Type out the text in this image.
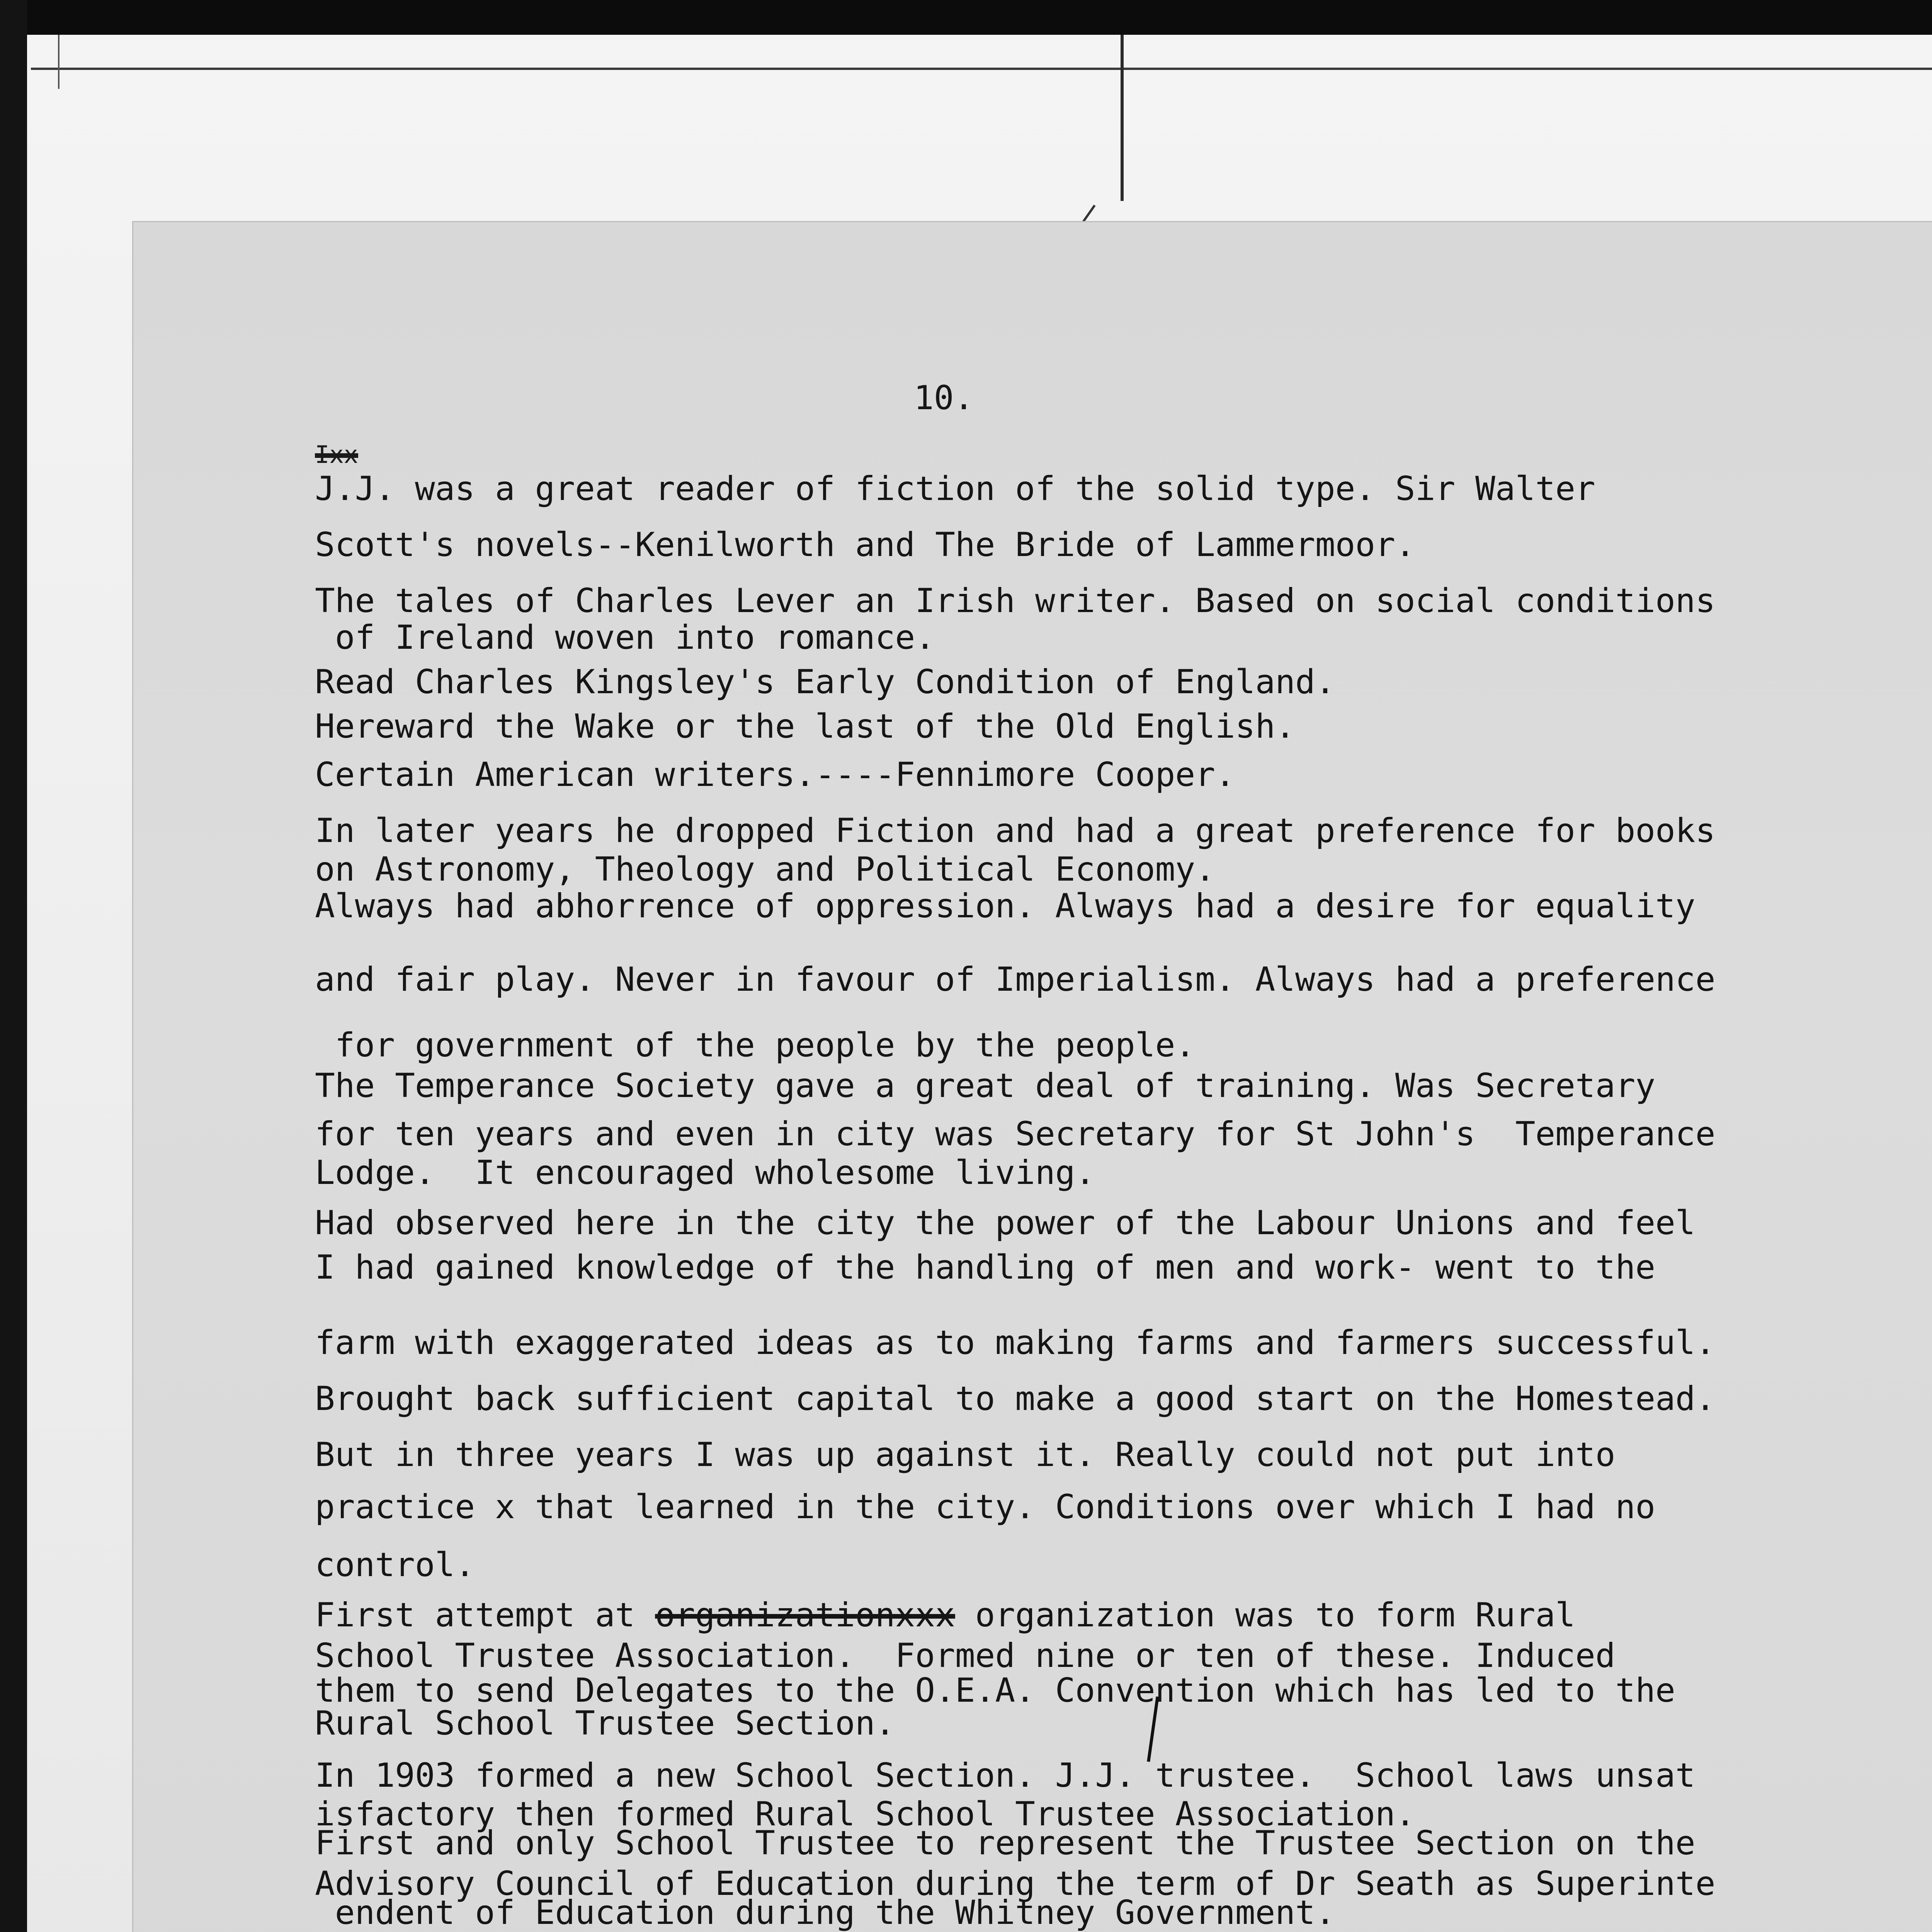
10.
Ixx
J.J. was a great reader of fiction of the solid type. Sir Walter
Scott's novels--Kenilworth and The Bride of Lammermoor.
The tales of Charles Lever an Irish writer. Based on social conditions
of Ireland woven into romance.
Read Charles Kingsley's Early Condition of England.
Hereward the Wake or the last of the Old English.
Certain American writers.----Fennimore Cooper.
In later years he dropped Fiction and had a great preference for books
on Astronomy, Theology and Political Economy.
Always had abhorrence of oppression. Always had a desire for equality
and fair play. Never in favour of Imperialism. Always had a preference
for government of the people by the people.
The Temperance Society gave a great deal of training. Was Secretary
for ten years and even in city was Secretary for St John's  Temperance
Lodge.  It encouraged wholesome living.
Had observed here in the city the power of the Labour Unions and feel
I had gained knowledge of the handling of men and work- went to the
farm with exaggerated ideas as to making farms and farmers successful.
Brought back sufficient capital to make a good start on the Homestead.
But in three years I was up against it. Really could not put into
practice x that learned in the city. Conditions over which I had no
control.
First attempt at organizationxxx organization was to form Rural
School Trustee Association.  Formed nine or ten of these. Induced
them to send Delegates to the O.E.A. Convention which has led to the
Rural School Trustee Section.
In 1903 formed a new School Section. J.J. trustee.  School laws unsat
isfactory then formed Rural School Trustee Association.
First and only School Trustee to represent the Trustee Section on the
Advisory Council of Education during the term of Dr Seath as Superinte
endent of Education during the Whitney Government.
